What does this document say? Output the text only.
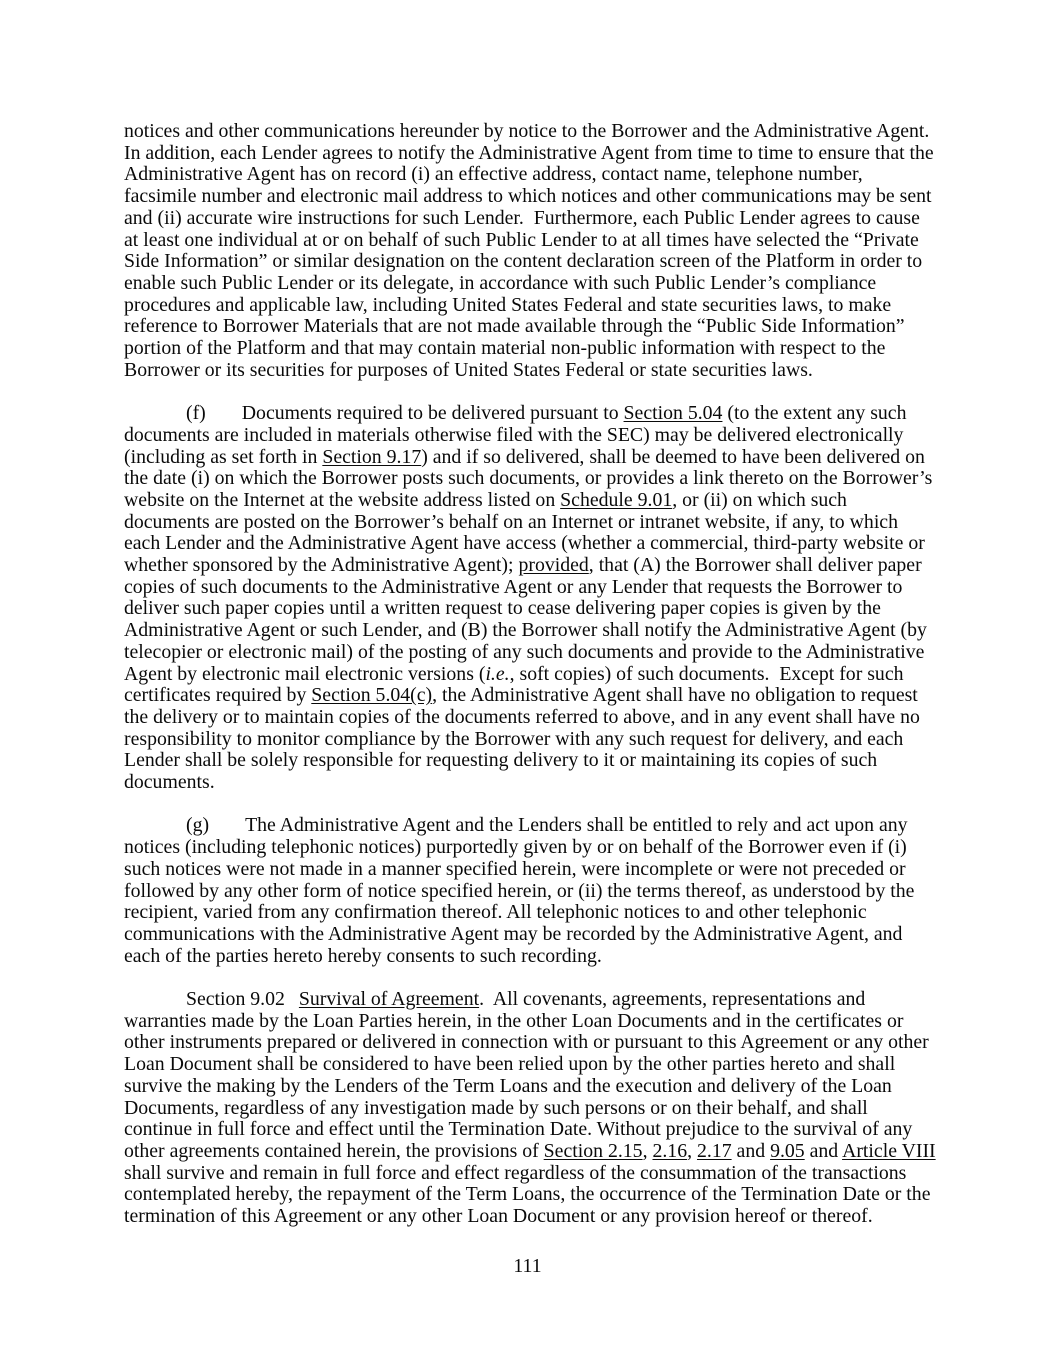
notices and other communications hereunder by notice to the Borrower and the Administrative Agent.  In addition, each Lender agrees to notify the Administrative Agent from time to time to ensure that the Administrative Agent has on record (i) an effective address, contact name, telephone number, facsimile number and electronic mail address to which notices and other communications may be sent and (ii) accurate wire instructions for such Lender.  Furthermore, each Public Lender agrees to cause at least one individual at or on behalf of such Public Lender to at all times have selected the “Private Side Information” or similar designation on the content declaration screen of the Platform in order to enable such Public Lender or its delegate, in accordance with such Public Lender’s compliance procedures and applicable law, including United States Federal and state securities laws, to make reference to Borrower Materials that are not made available through the “Public Side Information” portion of the Platform and that may contain material non-public information with respect to the Borrower or its securities for purposes of United States Federal or state securities laws.

(f) Documents required to be delivered pursuant to Section 5.04 (to the extent any such documents are included in materials otherwise filed with the SEC) may be delivered electronically (including as set forth in Section 9.17) and if so delivered, shall be deemed to have been delivered on the date (i) on which the Borrower posts such documents, or provides a link thereto on the Borrower’s website on the Internet at the website address listed on Schedule 9.01, or (ii) on which such documents are posted on the Borrower’s behalf on an Internet or intranet website, if any, to which each Lender and the Administrative Agent have access (whether a commercial, third-party website or whether sponsored by the Administrative Agent); provided, that (A) the Borrower shall deliver paper copies of such documents to the Administrative Agent or any Lender that requests the Borrower to deliver such paper copies until a written request to cease delivering paper copies is given by the Administrative Agent or such Lender, and (B) the Borrower shall notify the Administrative Agent (by telecopier or electronic mail) of the posting of any such documents and provide to the Administrative Agent by electronic mail electronic versions (i.e., soft copies) of such documents.  Except for such certificates required by Section 5.04(c), the Administrative Agent shall have no obligation to request the delivery or to maintain copies of the documents referred to above, and in any event shall have no responsibility to monitor compliance by the Borrower with any such request for delivery, and each Lender shall be solely responsible for requesting delivery to it or maintaining its copies of such documents.

(g) The Administrative Agent and the Lenders shall be entitled to rely and act upon any notices (including telephonic notices) purportedly given by or on behalf of the Borrower even if (i) such notices were not made in a manner specified herein, were incomplete or were not preceded or followed by any other form of notice specified herein, or (ii) the terms thereof, as understood by the recipient, varied from any confirmation thereof. All telephonic notices to and other telephonic communications with the Administrative Agent may be recorded by the Administrative Agent, and each of the parties hereto hereby consents to such recording.

Section 9.02 Survival of Agreement.  All covenants, agreements, representations and warranties made by the Loan Parties herein, in the other Loan Documents and in the certificates or other instruments prepared or delivered in connection with or pursuant to this Agreement or any other Loan Document shall be considered to have been relied upon by the other parties hereto and shall survive the making by the Lenders of the Term Loans and the execution and delivery of the Loan Documents, regardless of any investigation made by such persons or on their behalf, and shall continue in full force and effect until the Termination Date. Without prejudice to the survival of any other agreements contained herein, the provisions of Section 2.15, 2.16, 2.17 and 9.05 and Article VIII shall survive and remain in full force and effect regardless of the consummation of the transactions contemplated hereby, the repayment of the Term Loans, the occurrence of the Termination Date or the termination of this Agreement or any other Loan Document or any provision hereof or thereof.

111
